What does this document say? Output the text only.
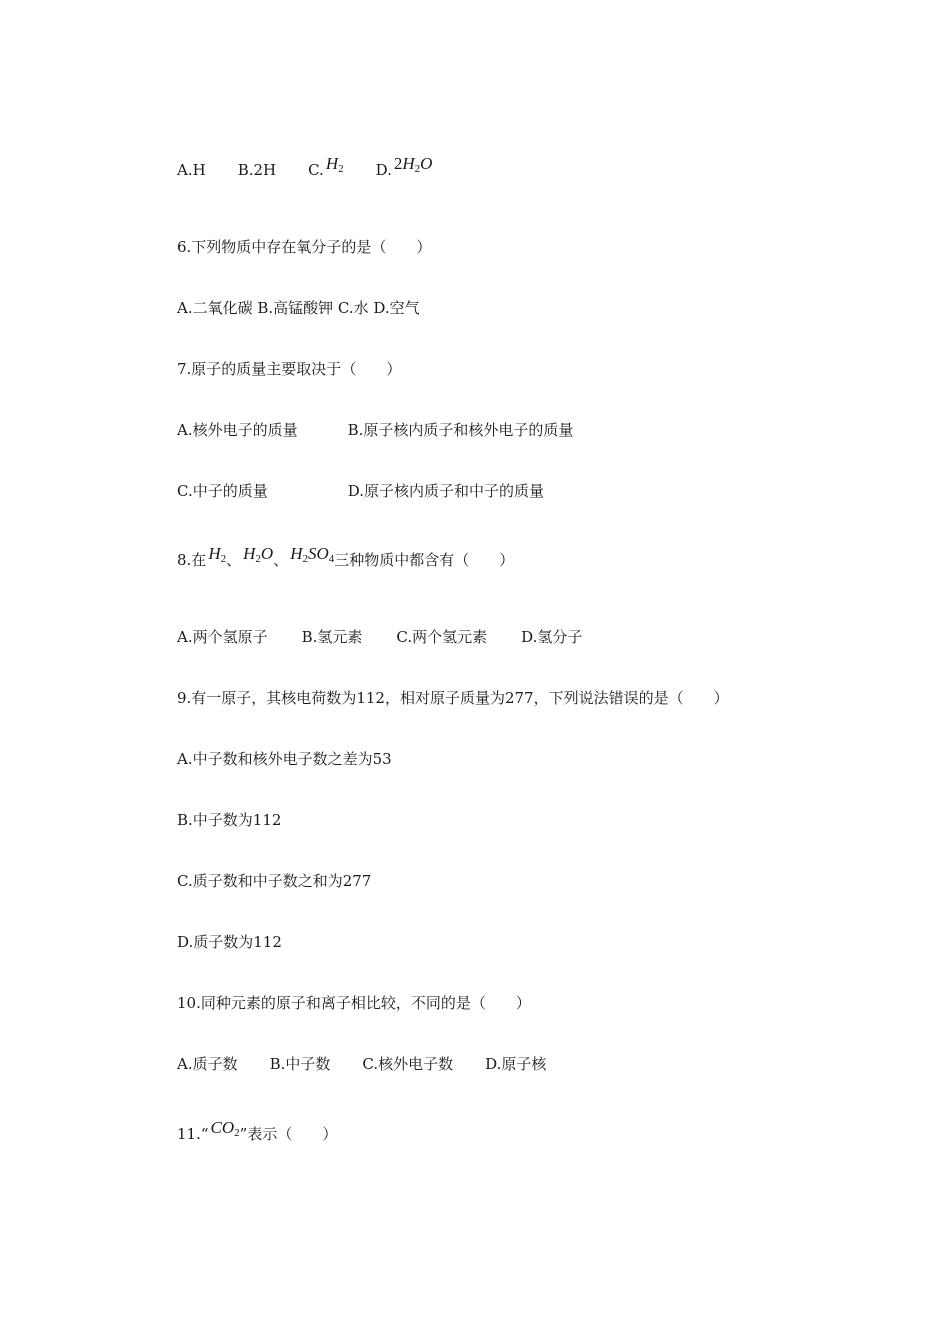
A.H B.2H C. $H_2$ D. $2H_2O$
6.下列物质中存在氧分子的是（　　）
A.二氧化碳 B.高锰酸钾 C.水 D.空气
7.原子的质量主要取决于（　　）
A.核外电子的质量	B.原子核内质子和核外电子的质量
C.中子的质量	D.原子核内质子和中子的质量
8.在 $H_2$、 $H_2O$、 $H_2SO_4$三种物质中都含有（　　）
A.两个氢原子 B.氢元素 C.两个氢元素 D.氢分子
9.有一原子，其核电荷数为112，相对原子质量为277，下列说法错误的是（　　）
A.中子数和核外电子数之差为53
B.中子数为112
C.质子数和中子数之和为277
D.质子数为112
10.同种元素的原子和离子相比较，不同的是（　　）
A.质子数 B.中子数 C.核外电子数 D.原子核
11.“ $CO_2$”表示（　　）
